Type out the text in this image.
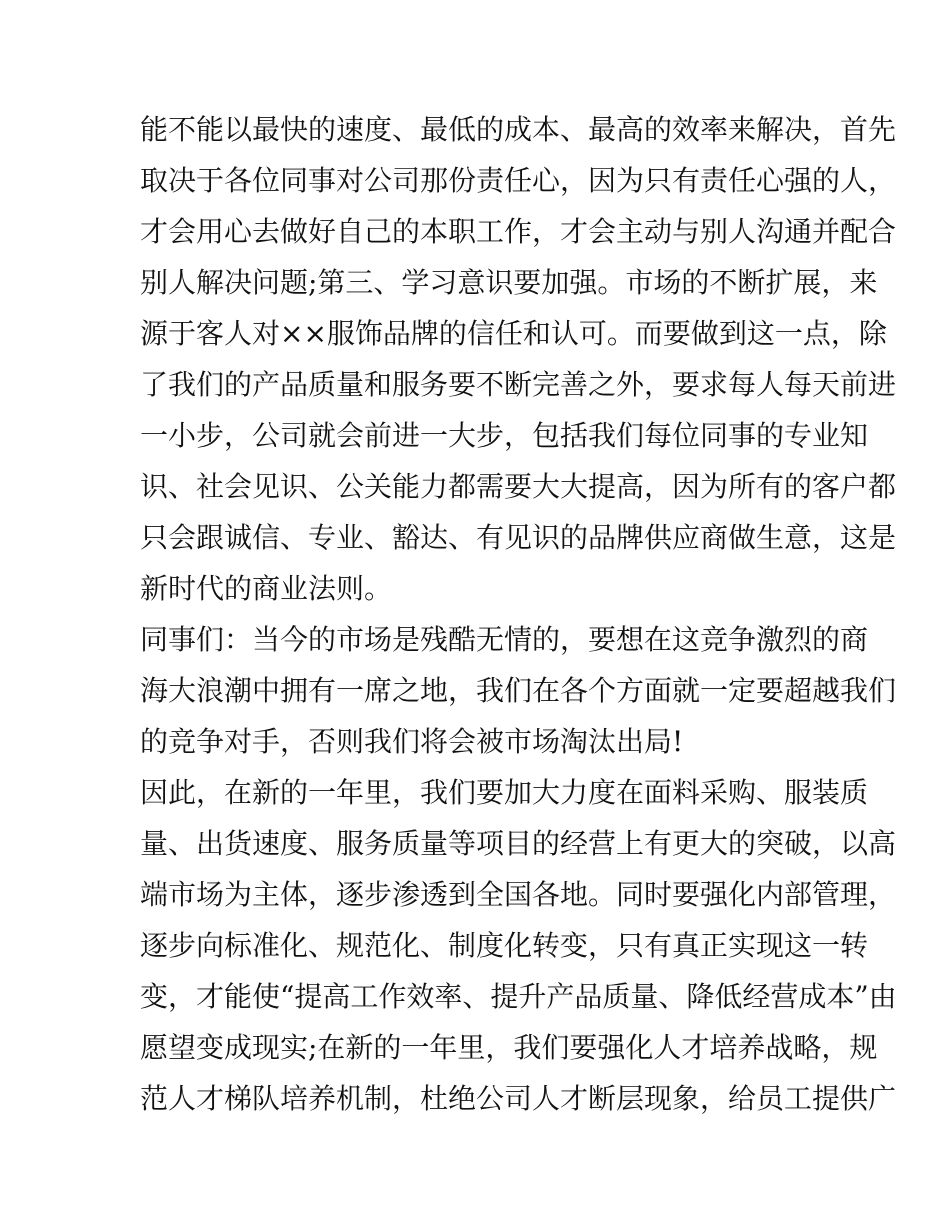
能不能以最快的速度、最低的成本、最高的效率来解决，首先
取决于各位同事对公司那份责任心，因为只有责任心强的人，
才会用心去做好自己的本职工作，才会主动与别人沟通并配合
别人解决问题;第三、学习意识要加强。市场的不断扩展，来
源于客人对××服饰品牌的信任和认可。而要做到这一点，除
了我们的产品质量和服务要不断完善之外，要求每人每天前进
一小步，公司就会前进一大步，包括我们每位同事的专业知
识、社会见识、公关能力都需要大大提高，因为所有的客户都
只会跟诚信、专业、豁达、有见识的品牌供应商做生意，这是
新时代的商业法则。
同事们：当今的市场是残酷无情的，要想在这竞争激烈的商
海大浪潮中拥有一席之地，我们在各个方面就一定要超越我们
的竞争对手，否则我们将会被市场淘汰出局!
因此，在新的一年里，我们要加大力度在面料采购、服装质
量、出货速度、服务质量等项目的经营上有更大的突破，以高
端市场为主体，逐步渗透到全国各地。同时要强化内部管理，
逐步向标准化、规范化、制度化转变，只有真正实现这一转
变，才能使“提高工作效率、提升产品质量、降低经营成本”由
愿望变成现实;在新的一年里，我们要强化人才培养战略，规
范人才梯队培养机制，杜绝公司人才断层现象，给员工提供广
